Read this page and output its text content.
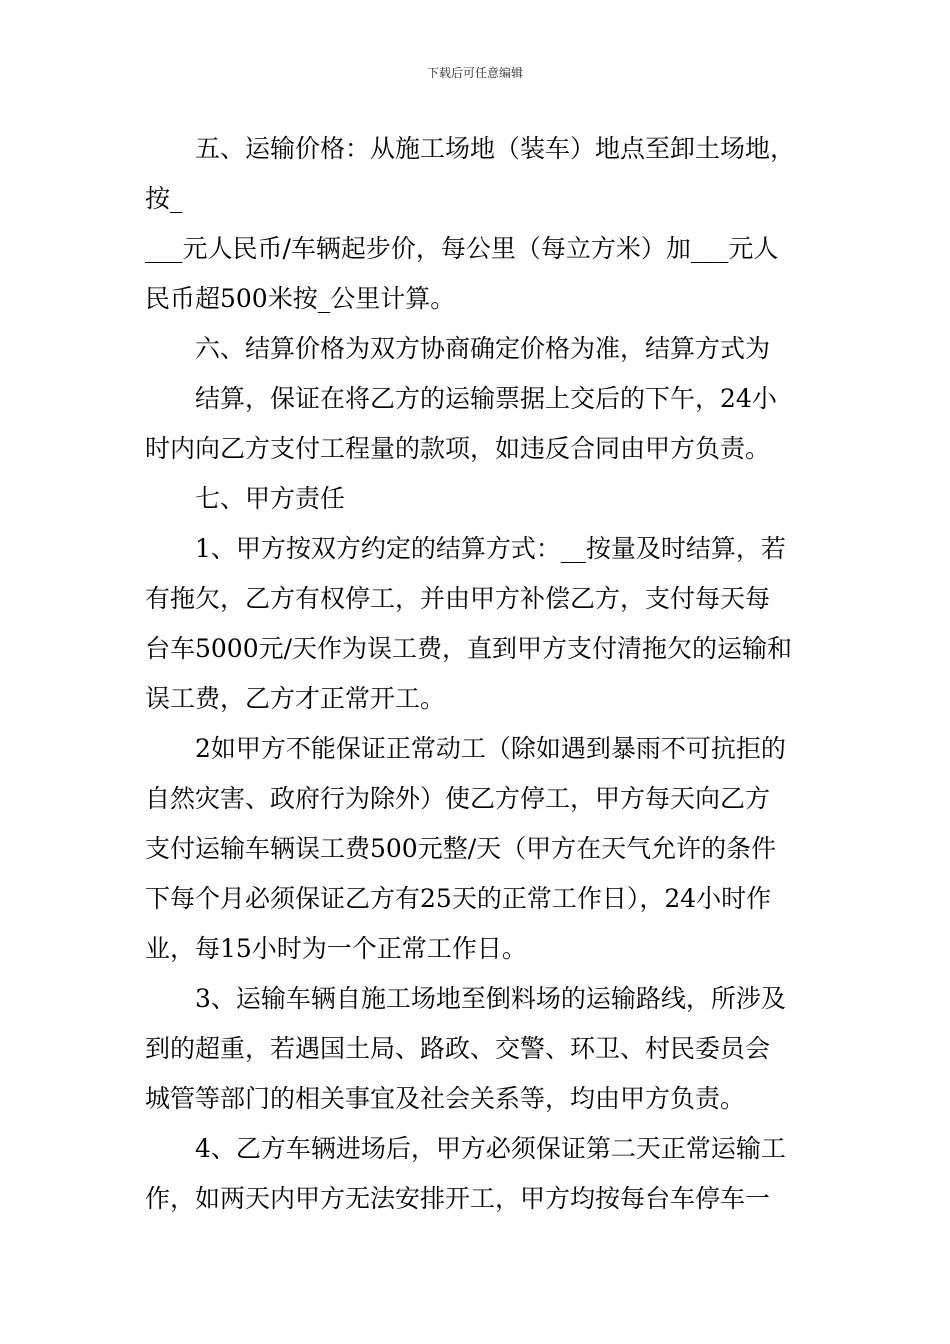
下载后可任意编辑

五、运输价格：从施工场地（装车）地点至卸土场地，
按_
___元人民币/车辆起步价，每公里（每立方米）加___元人
民币超500米按_公里计算。
六、结算价格为双方协商确定价格为准，结算方式为
结算，保证在将乙方的运输票据上交后的下午，24小
时内向乙方支付工程量的款项，如违反合同由甲方负责。
七、甲方责任
1、甲方按双方约定的结算方式：__按量及时结算，若
有拖欠，乙方有权停工，并由甲方补偿乙方，支付每天每
台车5000元/天作为误工费，直到甲方支付清拖欠的运输和
误工费，乙方才正常开工。
2如甲方不能保证正常动工（除如遇到暴雨不可抗拒的
自然灾害、政府行为除外）使乙方停工，甲方每天向乙方
支付运输车辆误工费500元整/天（甲方在天气允许的条件
下每个月必须保证乙方有25天的正常工作日），24小时作
业，每15小时为一个正常工作日。
3、运输车辆自施工场地至倒料场的运输路线，所涉及
到的超重，若遇国土局、路政、交警、环卫、村民委员会
城管等部门的相关事宜及社会关系等，均由甲方负责。
4、乙方车辆进场后，甲方必须保证第二天正常运输工
作，如两天内甲方无法安排开工，甲方均按每台车停车一
